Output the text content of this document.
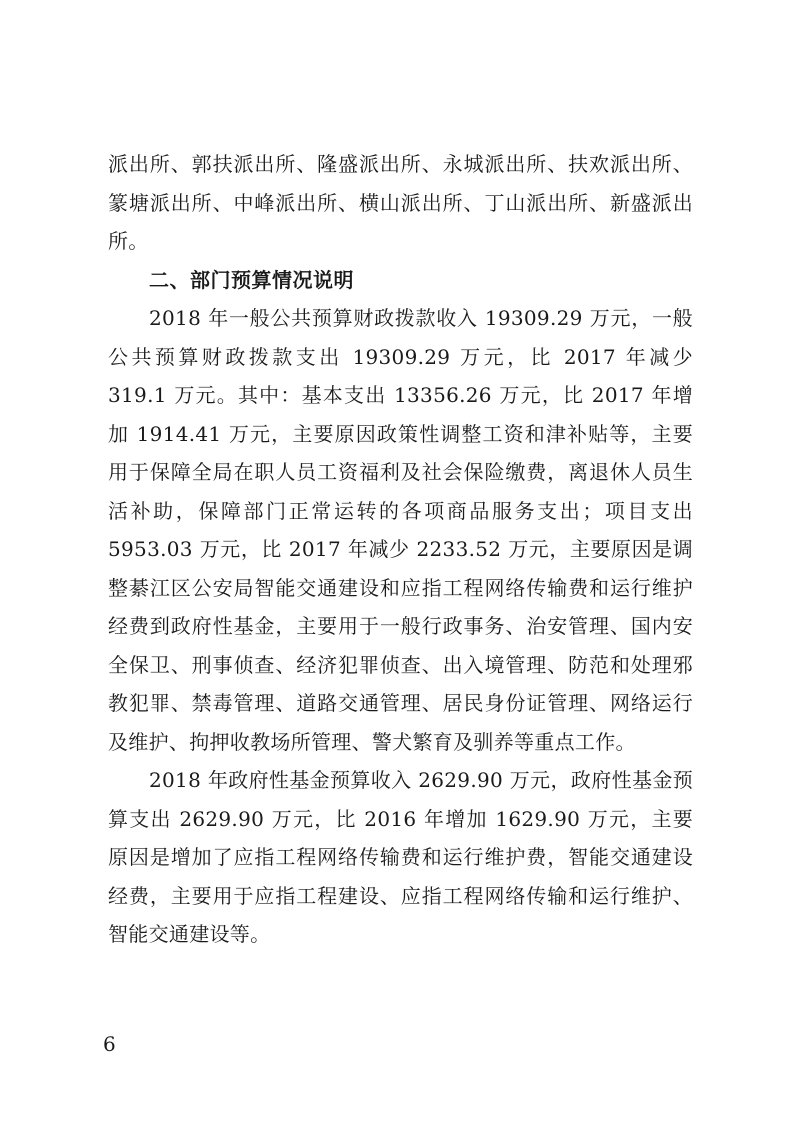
派出所、郭扶派出所、隆盛派出所、永城派出所、扶欢派出所、篆塘派出所、中峰派出所、横山派出所、丁山派出所、新盛派出所。

二、部门预算情况说明

2018 年一般公共预算财政拨款收入 19309.29 万元，一般公共预算财政拨款支出 19309.29 万元，比 2017 年减少 319.1 万元。其中：基本支出 13356.26 万元，比 2017 年增加 1914.41 万元，主要原因政策性调整工资和津补贴等，主要用于保障全局在职人员工资福利及社会保险缴费，离退休人员生活补助，保障部门正常运转的各项商品服务支出；项目支出 5953.03 万元，比 2017 年减少 2233.52 万元，主要原因是调整綦江区公安局智能交通建设和应指工程网络传输费和运行维护经费到政府性基金，主要用于一般行政事务、治安管理、国内安全保卫、刑事侦查、经济犯罪侦查、出入境管理、防范和处理邪教犯罪、禁毒管理、道路交通管理、居民身份证管理、网络运行及维护、拘押收教场所管理、警犬繁育及驯养等重点工作。

2018 年政府性基金预算收入 2629.90 万元，政府性基金预算支出 2629.90 万元，比 2016 年增加 1629.90 万元，主要原因是增加了应指工程网络传输费和运行维护费，智能交通建设经费，主要用于应指工程建设、应指工程网络传输和运行维护、智能交通建设等。

6
